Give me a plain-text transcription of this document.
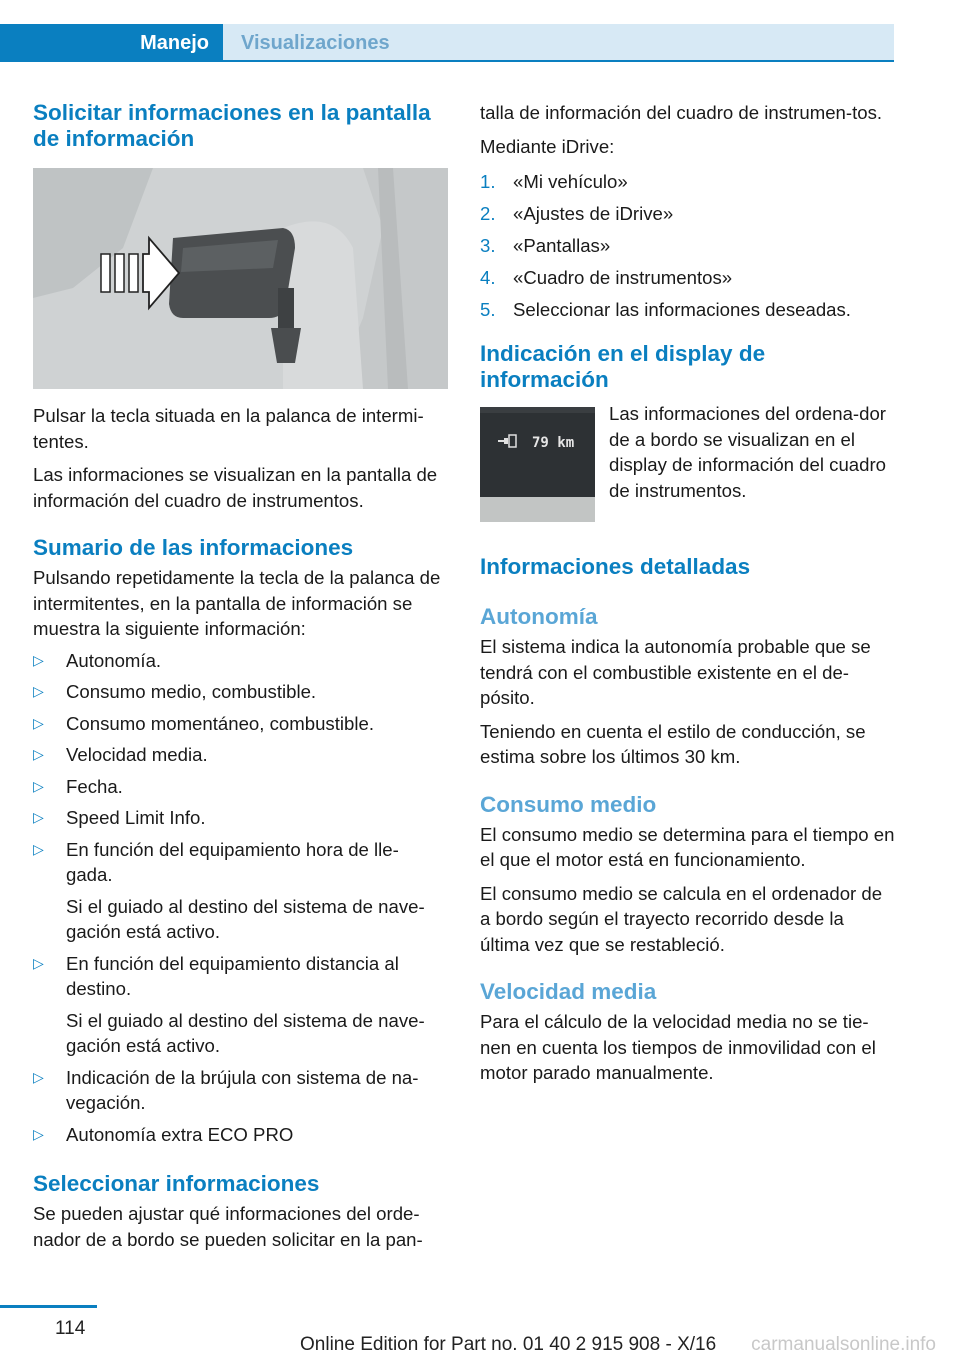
Manejo	Visualizaciones
Solicitar informaciones en la pantalla de información

Pulsar la tecla situada en la palanca de intermi-tentes.

Las informaciones se visualizan en la pantalla de información del cuadro de instrumentos.

Sumario de las informaciones

Pulsando repetidamente la tecla de la palanca de intermitentes, en la pantalla de información se muestra la siguiente información:

▷ Autonomía.
▷ Consumo medio, combustible.
▷ Consumo momentáneo, combustible.
▷ Velocidad media.
▷ Fecha.
▷ Speed Limit Info.
▷ En función del equipamiento hora de lle-gada.
Si el guiado al destino del sistema de nave-gación está activo.
▷ En función del equipamiento distancia al destino.
Si el guiado al destino del sistema de nave-gación está activo.
▷ Indicación de la brújula con sistema de na-vegación.
▷ Autonomía extra ECO PRO
Seleccionar informaciones

Se pueden ajustar qué informaciones del orde-nador de a bordo se pueden solicitar en la pan-

talla de información del cuadro de instrumen-tos.

Mediante iDrive:

1. «Mi vehículo»
2. «Ajustes de iDrive»
3. «Pantallas»
4. «Cuadro de instrumentos»
5. Seleccionar las informaciones deseadas.
Indicación en el display de información
79 km

Las informaciones del ordena-dor de a bordo se visualizan en el display de información del cuadro de instrumentos.

Informaciones detalladas
Autonomía

El sistema indica la autonomía probable que se tendrá con el combustible existente en el de-pósito.

Teniendo en cuenta el estilo de conducción, se estima sobre los últimos 30 km.

Consumo medio

El consumo medio se determina para el tiempo en el que el motor está en funcionamiento.

El consumo medio se calcula en el ordenador de a bordo según el trayecto recorrido desde la última vez que se restableció.

Velocidad media

Para el cálculo de la velocidad media no se tie-nen en cuenta los tiempos de inmovilidad con el motor parado manualmente.

114
Online Edition for Part no. 01 40 2 915 908 - X/16 carmanualsonline.info
